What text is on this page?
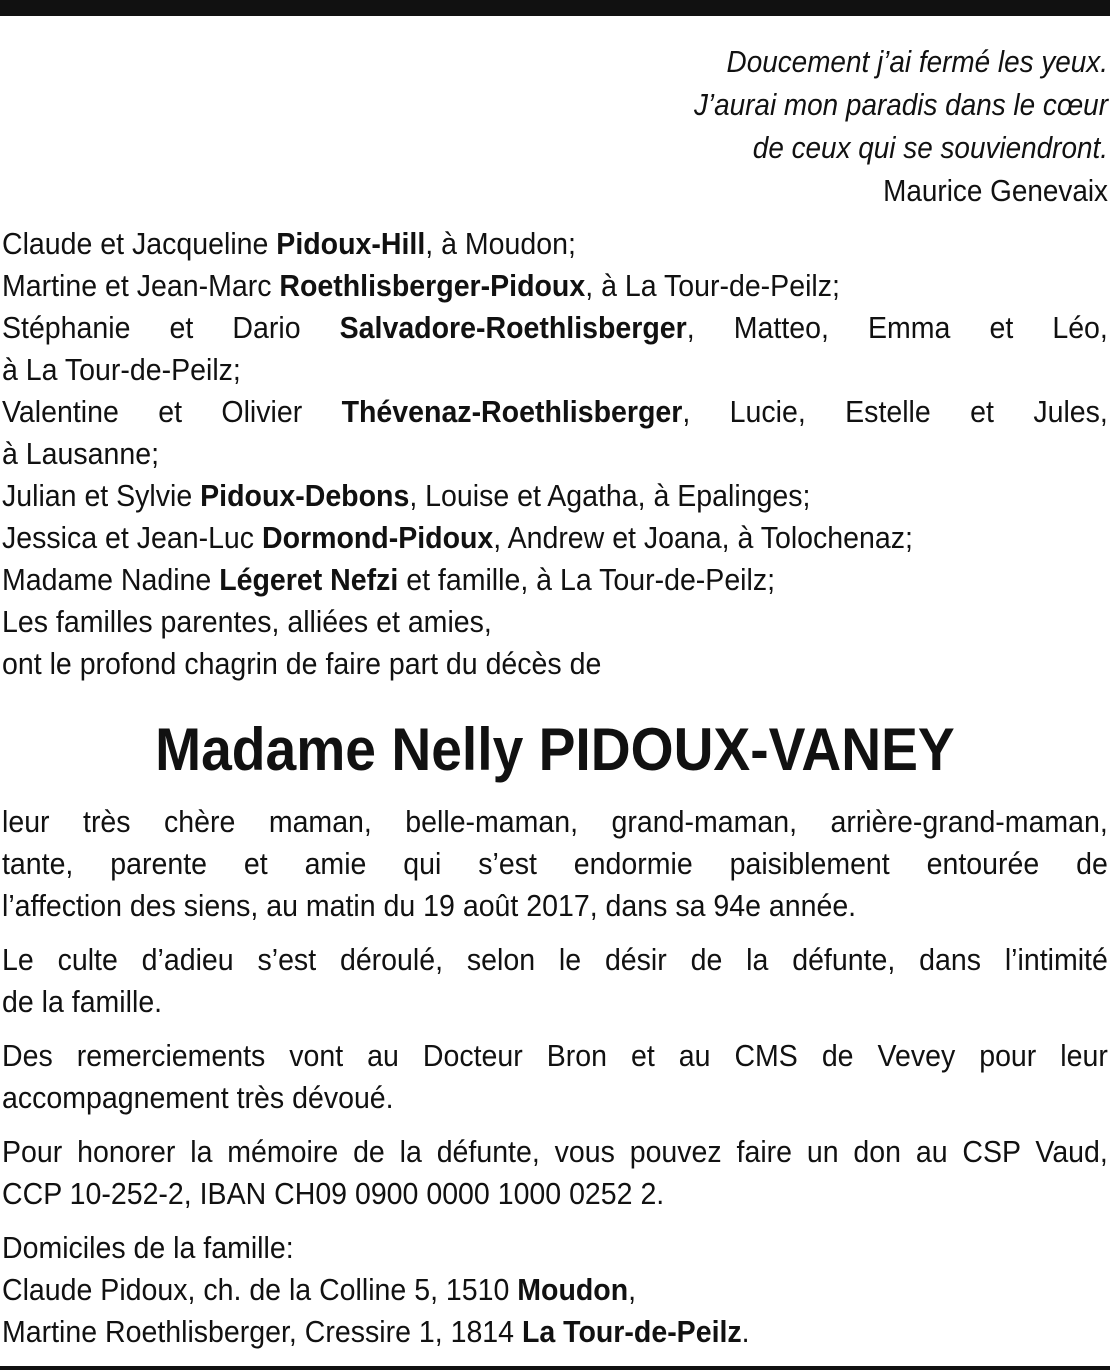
Doucement j’ai fermé les yeux.
J’aurai mon paradis dans le cœur
de ceux qui se souviendront.
Maurice Genevaix
Claude et Jacqueline Pidoux-Hill, à Moudon;
Martine et Jean-Marc Roethlisberger-Pidoux, à La Tour-de-Peilz;
Stéphanie et Dario Salvadore-Roethlisberger, Matteo, Emma et Léo,
à La Tour-de-Peilz;
Valentine et Olivier Thévenaz-Roethlisberger, Lucie, Estelle et Jules,
à Lausanne;
Julian et Sylvie Pidoux-Debons, Louise et Agatha, à Epalinges;
Jessica et Jean-Luc Dormond-Pidoux, Andrew et Joana, à Tolochenaz;
Madame Nadine Légeret Nefzi et famille, à La Tour-de-Peilz;
Les familles parentes, alliées et amies,
ont le profond chagrin de faire part du décès de
Madame Nelly PIDOUX-VANEY
leur très chère maman, belle-maman, grand-maman, arrière-grand-maman,
tante, parente et amie qui s’est endormie paisiblement entourée de
l’affection des siens, au matin du 19 août 2017, dans sa 94e année.
Le culte d’adieu s’est déroulé, selon le désir de la défunte, dans l’intimité
de la famille.
Des remerciements vont au Docteur Bron et au CMS de Vevey pour leur
accompagnement très dévoué.
Pour honorer la mémoire de la défunte, vous pouvez faire un don au CSP Vaud,
CCP 10-252-2, IBAN CH09 0900 0000 1000 0252 2.
Domiciles de la famille:
Claude Pidoux, ch. de la Colline 5, 1510 Moudon,
Martine Roethlisberger, Cressire 1, 1814 La Tour-de-Peilz.
